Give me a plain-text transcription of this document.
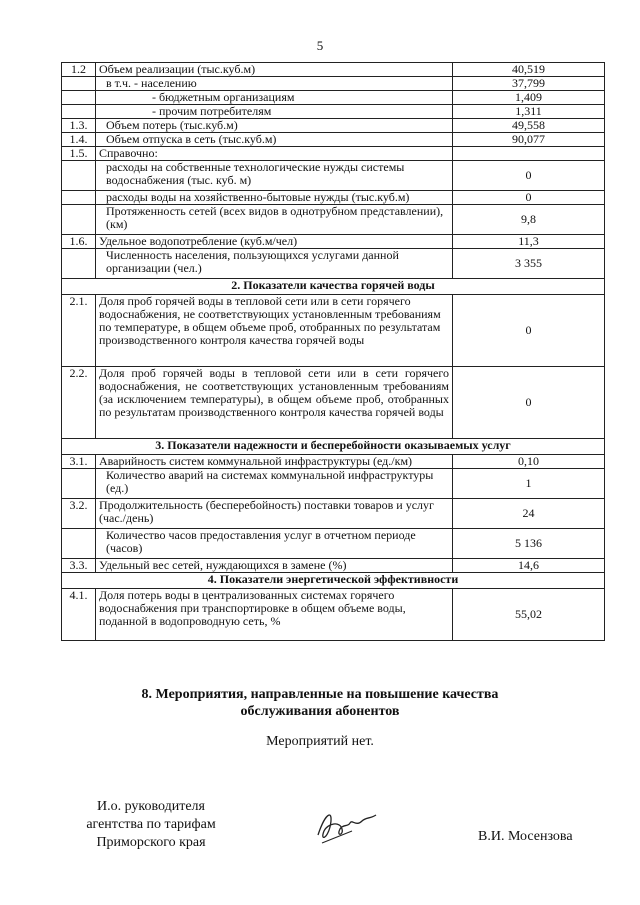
5
1.2	Объем реализации (тыс.куб.м)	40,519
	в т.ч. - населению	37,799
	- бюджетным организациям	1,409
	- прочим потребителям	1,311
1.3.	Объем потерь (тыс.куб.м)	49,558
1.4.	Объем отпуска в сеть (тыс.куб.м)	90,077
1.5.	Справочно:	
	расходы на собственные технологические нужды системы водоснабжения (тыс. куб. м)	0
	расходы воды на хозяйственно-бытовые нужды (тыс.куб.м)	0
	Протяженность сетей (всех видов в однотрубном представлении), (км)	9,8
1.6.	Удельное водопотребление (куб.м/чел)	11,3
	Численность населения, пользующихся услугами данной организации (чел.)	3 355
2. Показатели качества горячей воды		
2.1.	Доля проб горячей воды в тепловой сети или в сети горячего водоснабжения, не соответствующих установленным требованиям по температуре, в общем объеме проб, отобранных по результатам производственного контроля качества горячей воды	0
2.2.	Доля проб горячей воды в тепловой сети или в сети горячего водоснабжения, не соответствующих установленным требованиям (за исключением температуры), в общем объеме проб, отобранных по результатам производственного контроля качества горячей воды	0
3. Показатели надежности и бесперебойности оказываемых услуг		
3.1.	Аварийность систем коммунальной инфраструктуры (ед./км)	0,10
	Количество аварий на системах коммунальной инфраструктуры (ед.)	1
3.2.	Продолжительность (бесперебойность) поставки товаров и услуг (час./день)	24
	Количество часов предоставления услуг в отчетном периоде (часов)	5 136
3.3.	Удельный вес сетей, нуждающихся в замене (%)	14,6
4. Показатели энергетической эффективности		
4.1.	Доля потерь воды в централизованных системах горячего водоснабжения при транспортировке в общем объеме воды, поданной в водопроводную сеть, %	55,02
8. Мероприятия, направленные на повышение качества
обслуживания абонентов
Мероприятий нет.
И.о. руководителя
агентства по тарифам
Приморского края	В.И. Мосензова
